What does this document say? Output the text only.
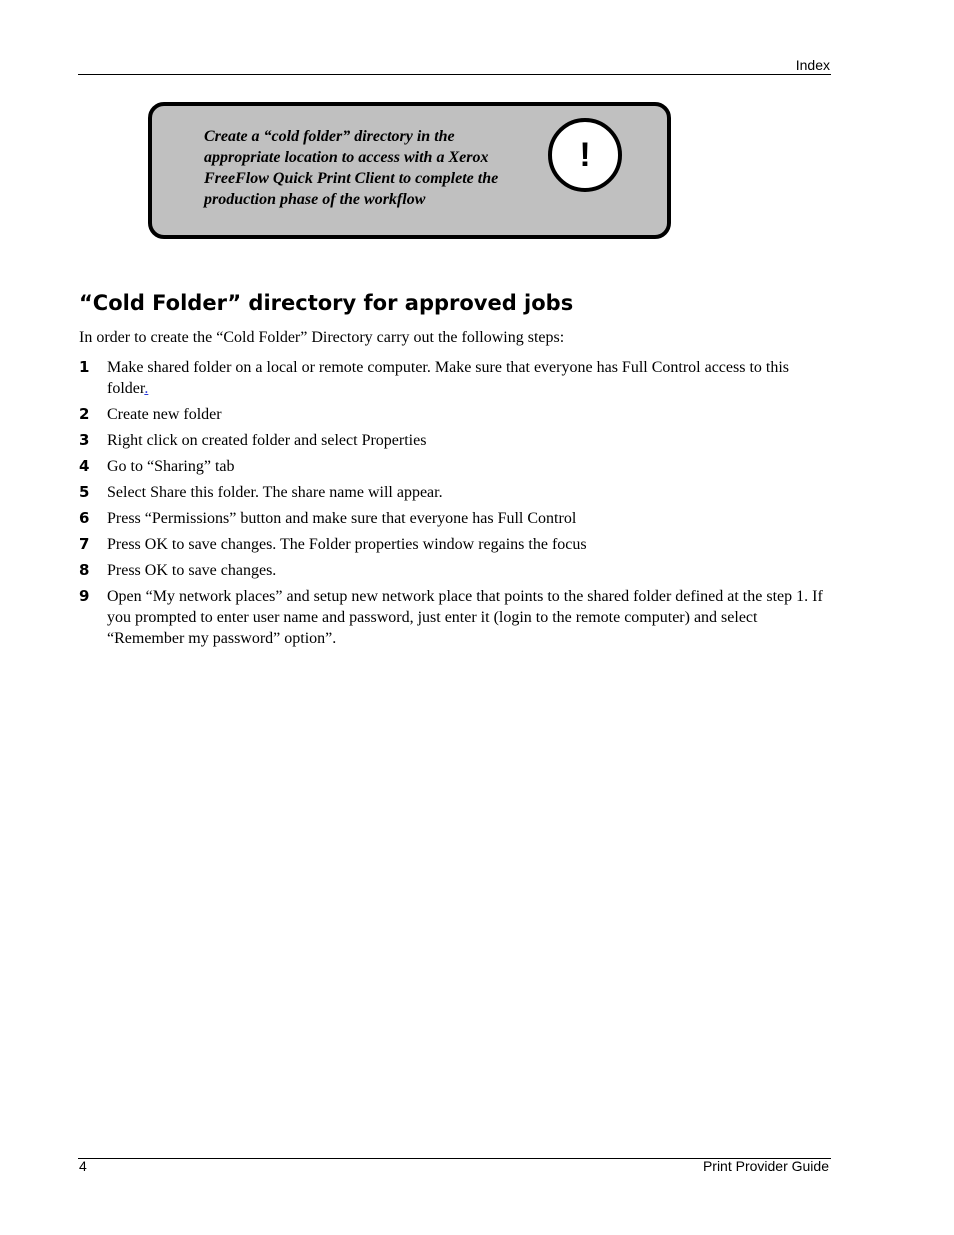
Index
Create a “cold folder” directory in the appropriate location to access with a Xerox FreeFlow Quick Print Client to complete the production phase of the workflow
!
“Cold Folder” directory for approved jobs

In order to create the “Cold Folder” Directory carry out the following steps:

1	Make shared folder on a local or remote computer. Make sure that everyone has Full Control access to this folder.
2	Create new folder
3	Right click on created folder and select Properties
4	Go to “Sharing” tab
5	Select Share this folder. The share name will appear.
6	Press “Permissions” button and make sure that everyone has Full Control
7	Press OK to save changes. The Folder properties window regains the focus
8	Press OK to save changes.
9	Open “My network places” and setup new network place that points to the shared folder defined at the step 1. If you prompted to enter user name and password, just enter it (login to the remote computer) and select “Remember my password” option”.
4	Print Provider Guide
